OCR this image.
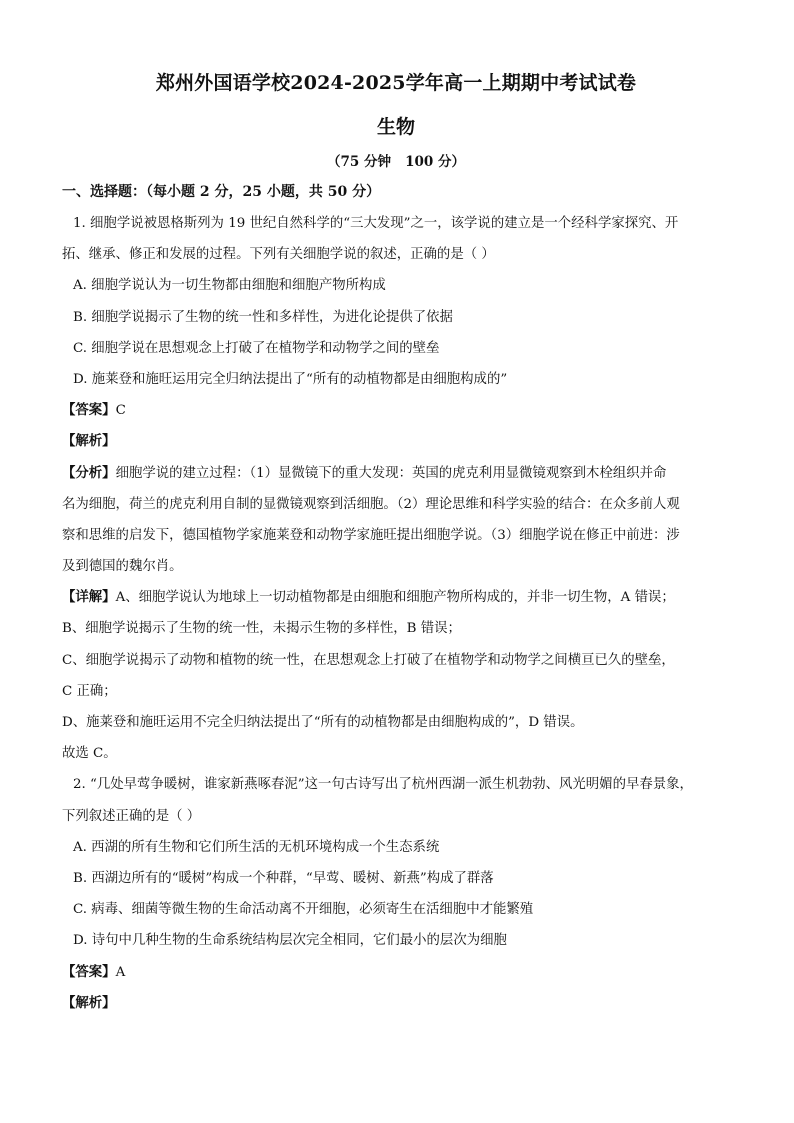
郑州外国语学校2024-2025学年高一上期期中考试试卷
生物
（75 分钟   100 分）
一、选择题：（每小题 2 分，25 小题，共 50 分）
1. 细胞学说被恩格斯列为 19 世纪自然科学的“三大发现”之一，该学说的建立是一个经科学家探究、开
拓、继承、修正和发展的过程。下列有关细胞学说的叙述，正确的是（ ）
A. 细胞学说认为一切生物都由细胞和细胞产物所构成
B. 细胞学说揭示了生物的统一性和多样性，为进化论提供了依据
C. 细胞学说在思想观念上打破了在植物学和动物学之间的壁垒
D. 施莱登和施旺运用完全归纳法提出了“所有的动植物都是由细胞构成的”
【答案】C
【解析】
【分析】细胞学说的建立过程：（1）显微镜下的重大发现：英国的虎克利用显微镜观察到木栓组织并命
名为细胞，荷兰的虎克利用自制的显微镜观察到活细胞。（2）理论思维和科学实验的结合：在众多前人观
察和思维的启发下，德国植物学家施莱登和动物学家施旺提出细胞学说。（3）细胞学说在修正中前进：涉
及到德国的魏尔肖。
【详解】A、细胞学说认为地球上一切动植物都是由细胞和细胞产物所构成的，并非一切生物，A 错误；
B、细胞学说揭示了生物的统一性，未揭示生物的多样性，B 错误；
C、细胞学说揭示了动物和植物的统一性，在思想观念上打破了在植物学和动物学之间横亘已久的壁垒，
C 正确；
D、施莱登和施旺运用不完全归纳法提出了“所有的动植物都是由细胞构成的”，D 错误。
故选 C。
2. “几处早莺争暖树，谁家新燕啄春泥”这一句古诗写出了杭州西湖一派生机勃勃、风光明媚的早春景象，
下列叙述正确的是（ ）
A. 西湖的所有生物和它们所生活的无机环境构成一个生态系统
B. 西湖边所有的“暖树”构成一个种群，“早莺、暖树、新燕”构成了群落
C. 病毒、细菌等微生物的生命活动离不开细胞，必须寄生在活细胞中才能繁殖
D. 诗句中几种生物的生命系统结构层次完全相同，它们最小的层次为细胞
【答案】A
【解析】
